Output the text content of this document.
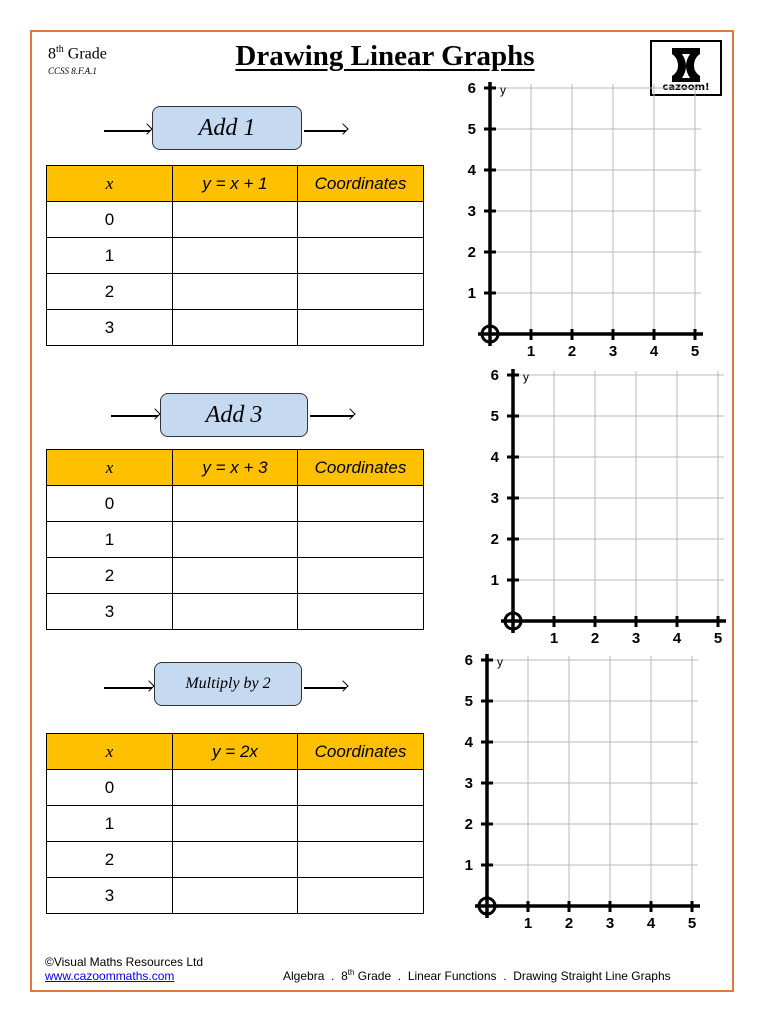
8th Grade
CCSS 8.F.A.1	Drawing Linear Graphs
cazoom!
Add 1
x	y = x + 1	Coordinates
0		
1		
2		
3		
Add 3
x	y = x + 3	Coordinates
0		
1		
2		
3		
Multiply by 2
x	y = 2x	Coordinates
0		
1		
2		
3		
1 2 3 4 5
1
2
3
4
5
6 y
1 2 3 4 5
1
2
3
4
5
6 y
1 2 3 4 5
1
2
3
4
5
6 y
©Visual Maths Resources Ltd
www.cazoommaths.com	Algebra . 8th Grade . Linear Functions . Drawing Straight Line Graphs
